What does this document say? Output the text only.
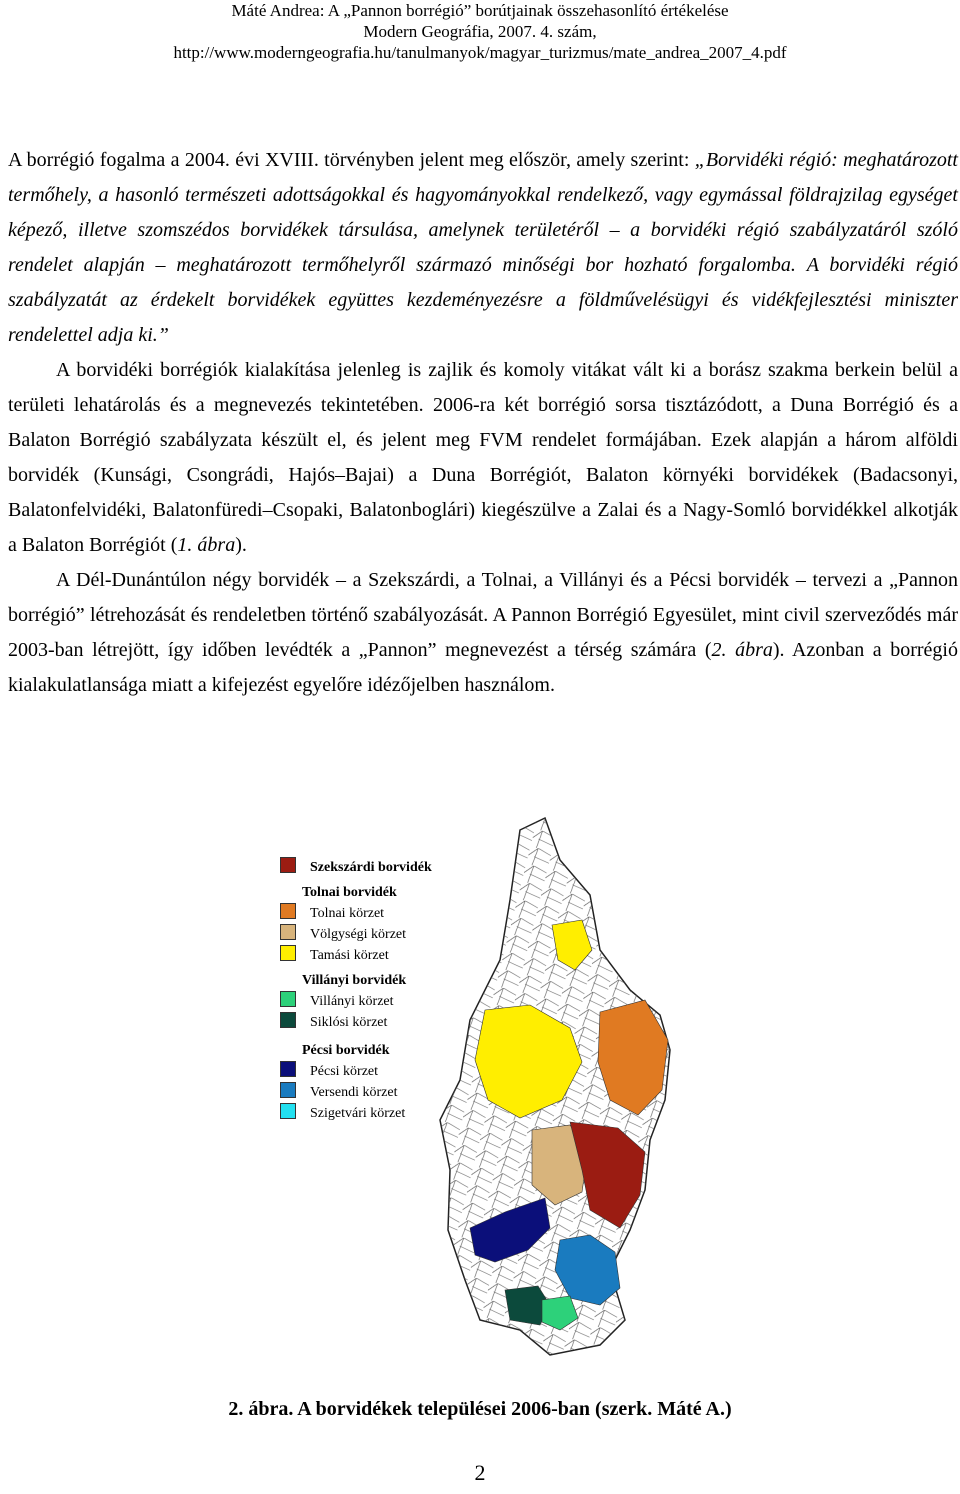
Máté Andrea: A „Pannon borrégió” borútjainak összehasonlító értékelése
Modern Geográfia, 2007. 4. szám,
http://www.moderngeografia.hu/tanulmanyok/magyar_turizmus/mate_andrea_2007_4.pdf

A borrégió fogalma a 2004. évi XVIII. törvényben jelent meg először, amely szerint: „Borvidéki régió: meghatározott termőhely, a hasonló természeti adottságokkal és hagyományokkal rendelkező, vagy egymással földrajzilag egységet képező, illetve szomszédos borvidékek társulása, amelynek területéről – a borvidéki régió szabályzatáról szóló rendelet alapján – meghatározott termőhelyről származó minőségi bor hozható forgalomba. A borvidéki régió szabályzatát az érdekelt borvidékek együttes kezdeményezésre a földművelésügyi és vidékfejlesztési miniszter rendelettel adja ki.”

A borvidéki borrégiók kialakítása jelenleg is zajlik és komoly vitákat vált ki a borász szakma berkein belül a területi lehatárolás és a megnevezés tekintetében. 2006-ra két borrégió sorsa tisztázódott, a Duna Borrégió és a Balaton Borrégió szabályzata készült el, és jelent meg FVM rendelet formájában. Ezek alapján a három alföldi borvidék (Kunsági, Csongrádi, Hajós–Bajai) a Duna Borrégiót, Balaton környéki borvidékek (Badacsonyi, Balatonfelvidéki, Balatonfüredi–Csopaki, Balatonboglári) kiegészülve a Zalai és a Nagy-Somló borvidékkel alkotják a Balaton Borrégiót (1. ábra).

A Dél-Dunántúlon négy borvidék – a Szekszárdi, a Tolnai, a Villányi és a Pécsi borvidék – tervezi a „Pannon borrégió” létrehozását és rendeletben történő szabályozását. A Pannon Borrégió Egyesület, mint civil szerveződés már 2003-ban létrejött, így időben levédték a „Pannon” megnevezést a térség számára (2. ábra). Azonban a borrégió kialakulatlansága miatt a kifejezést egyelőre idézőjelben használom.

Szekszárdi borvidék
Tolnai borvidék
Tolnai körzet
Völgységi körzet
Tamási körzet
Villányi borvidék
Villányi körzet
Siklósi körzet
Pécsi borvidék
Pécsi körzet
Versendi körzet
Szigetvári körzet
2. ábra. A borvidékek települései 2006-ban (szerk. Máté A.)
2
